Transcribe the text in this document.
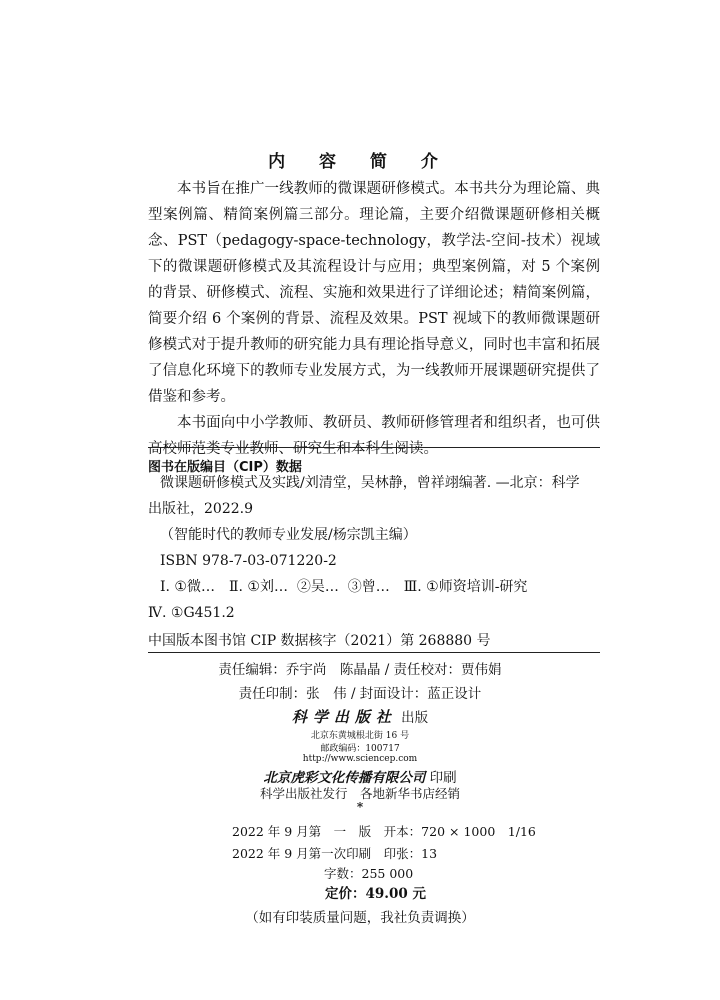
内 容 简 介

本书旨在推广一线教师的微课题研修模式。本书共分为理论篇、典型案例篇、精简案例篇三部分。理论篇，主要介绍微课题研修相关概念、PST（pedagogy-space-technology，教学法-空间-技术）视域下的微课题研修模式及其流程设计与应用；典型案例篇，对 5 个案例的背景、研修模式、流程、实施和效果进行了详细论述；精简案例篇，简要介绍 6 个案例的背景、流程及效果。PST 视域下的教师微课题研修模式对于提升教师的研究能力具有理论指导意义，同时也丰富和拓展了信息化环境下的教师专业发展方式，为一线教师开展课题研究提供了借鉴和参考。

本书面向中小学教师、教研员、教师研修管理者和组织者，也可供高校师范类专业教师、研究生和本科生阅读。

图书在版编目（CIP）数据
微课题研修模式及实践/刘清堂，吴林静，曾祥翊编著. —北京：科学
出版社，2022.9
（智能时代的教师专业发展/杨宗凯主编）
ISBN 978-7-03-071220-2
Ⅰ. ①微…　Ⅱ. ①刘…  ②吴…  ③曾…　Ⅲ. ①师资培训-研究
Ⅳ. ①G451.2
中国版本图书馆 CIP 数据核字（2021）第 268880 号
责任编辑：乔宇尚　陈晶晶 / 责任校对：贾伟娟
责任印制：张　伟 / 封面设计：蓝正设计
科学出版社 出版
北京东黄城根北街 16 号
邮政编码：100717
http://www.sciencep.com
北京虎彩文化传播有限公司 印刷
科学出版社发行　各地新华书店经销
*
2022 年 9 月第　一　版　开本：720 × 1000　1/16
2022 年 9 月第一次印刷　印张：13
字数：255 000
定价：49.00 元
（如有印装质量问题，我社负责调换）
